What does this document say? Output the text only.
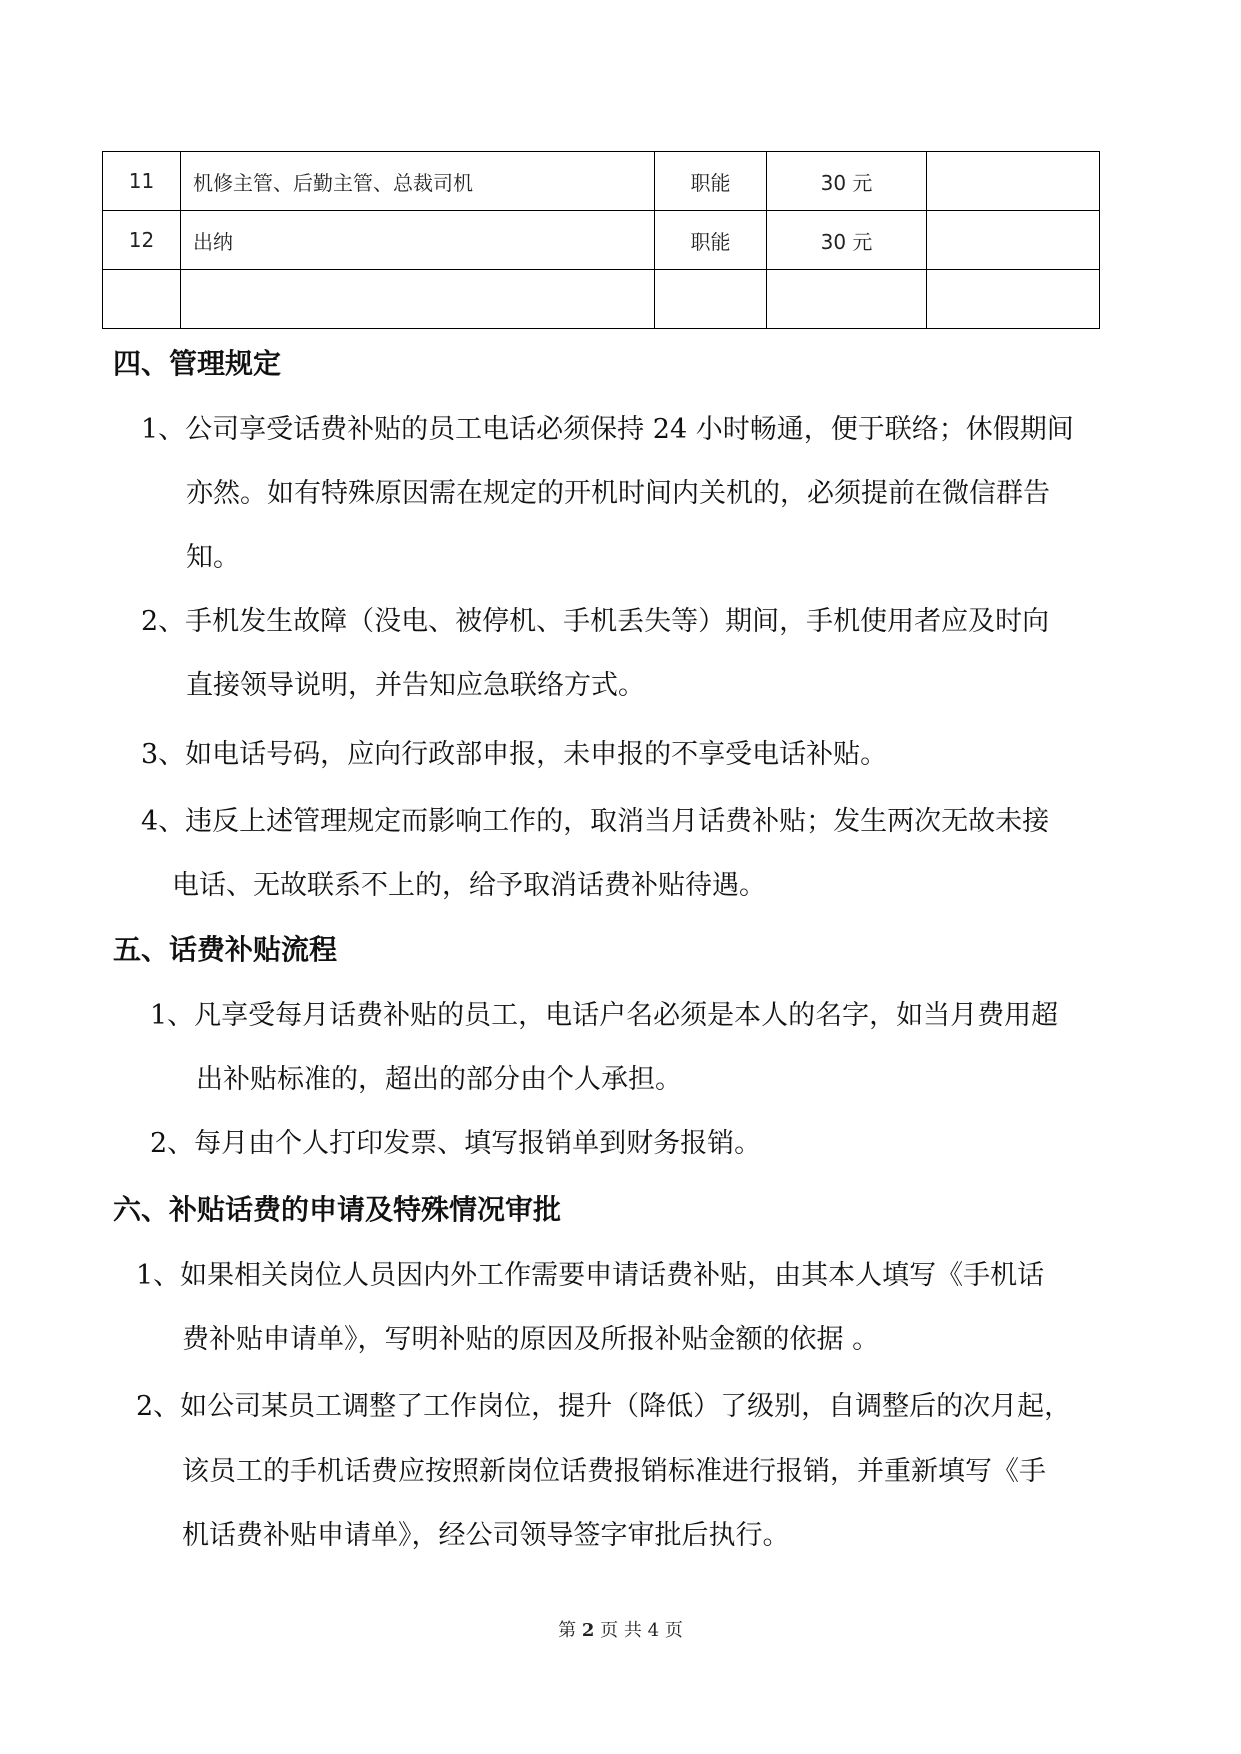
11	机修主管、后勤主管、总裁司机	职能	30 元	
12	出纳	职能	30 元	

四、管理规定
1、公司享受话费补贴的员工电话必须保持 24 小时畅通，便于联络；休假期间
亦然。如有特殊原因需在规定的开机时间内关机的，必须提前在微信群告
知。
2、手机发生故障（没电、被停机、手机丢失等）期间，手机使用者应及时向
直接领导说明，并告知应急联络方式。
3、如电话号码，应向行政部申报，未申报的不享受电话补贴。
4、违反上述管理规定而影响工作的，取消当月话费补贴；发生两次无故未接
电话、无故联系不上的，给予取消话费补贴待遇。
五、话费补贴流程
1、凡享受每月话费补贴的员工，电话户名必须是本人的名字，如当月费用超
出补贴标准的，超出的部分由个人承担。
2、每月由个人打印发票、填写报销单到财务报销。
六、补贴话费的申请及特殊情况审批
1、如果相关岗位人员因内外工作需要申请话费补贴，由其本人填写《手机话
费补贴申请单》，写明补贴的原因及所报补贴金额的依据 。
2、如公司某员工调整了工作岗位，提升（降低）了级别，自调整后的次月起，
该员工的手机话费应按照新岗位话费报销标准进行报销，并重新填写《手
机话费补贴申请单》，经公司领导签字审批后执行。
第 2 页 共 4 页
